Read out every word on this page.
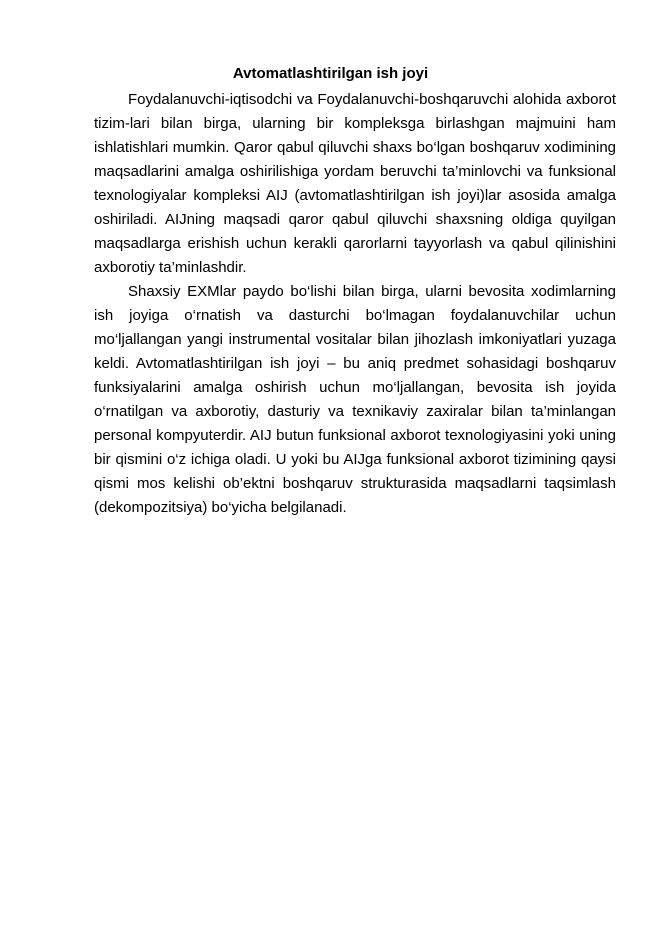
Avtomatlashtirilgan ish joyi

Foydalanuvchi-iqtisodchi va Foydalanuvchi-boshqaruvchi alohida axborot tizim-lari bilan birga, ularning bir kompleksga birlashgan majmuini ham ishlatishlari mumkin. Qaror qabul qiluvchi shaxs bo‘lgan boshqaruv xodimining maqsadlarini amalga oshirilishiga yordam beruvchi ta’minlovchi va funksional texnologiyalar kompleksi AIJ (avtomatlashtirilgan ish joyi)lar asosida amalga oshiriladi. AIJning maqsadi qaror qabul qiluvchi shaxsning oldiga quyilgan maqsadlarga erishish uchun kerakli qarorlarni tayyorlash va qabul qilinishini axborotiy ta’minlashdir.

Shaxsiy EXMlar paydo bo‘lishi bilan birga, ularni bevosita xodimlarning ish joyiga o‘rnatish va dasturchi bo‘lmagan foydalanuvchilar uchun mo‘ljallangan yangi instrumental vositalar bilan jihozlash imkoniyatlari yuzaga keldi. Avtomatlashtirilgan ish joyi – bu aniq predmet sohasidagi boshqaruv funksiyalarini amalga oshirish uchun mo‘ljallangan, bevosita ish joyida o‘rnatilgan va axborotiy, dasturiy va texnikaviy zaxiralar bilan ta’minlangan personal kompyuterdir. AIJ butun funksional axborot texnologiyasini yoki uning bir qismini o‘z ichiga oladi. U yoki bu AIJga funksional axborot tizimining qaysi qismi mos kelishi ob’ektni boshqaruv strukturasida maqsadlarni taqsimlash (dekompozitsiya) bo‘yicha belgilanadi.
